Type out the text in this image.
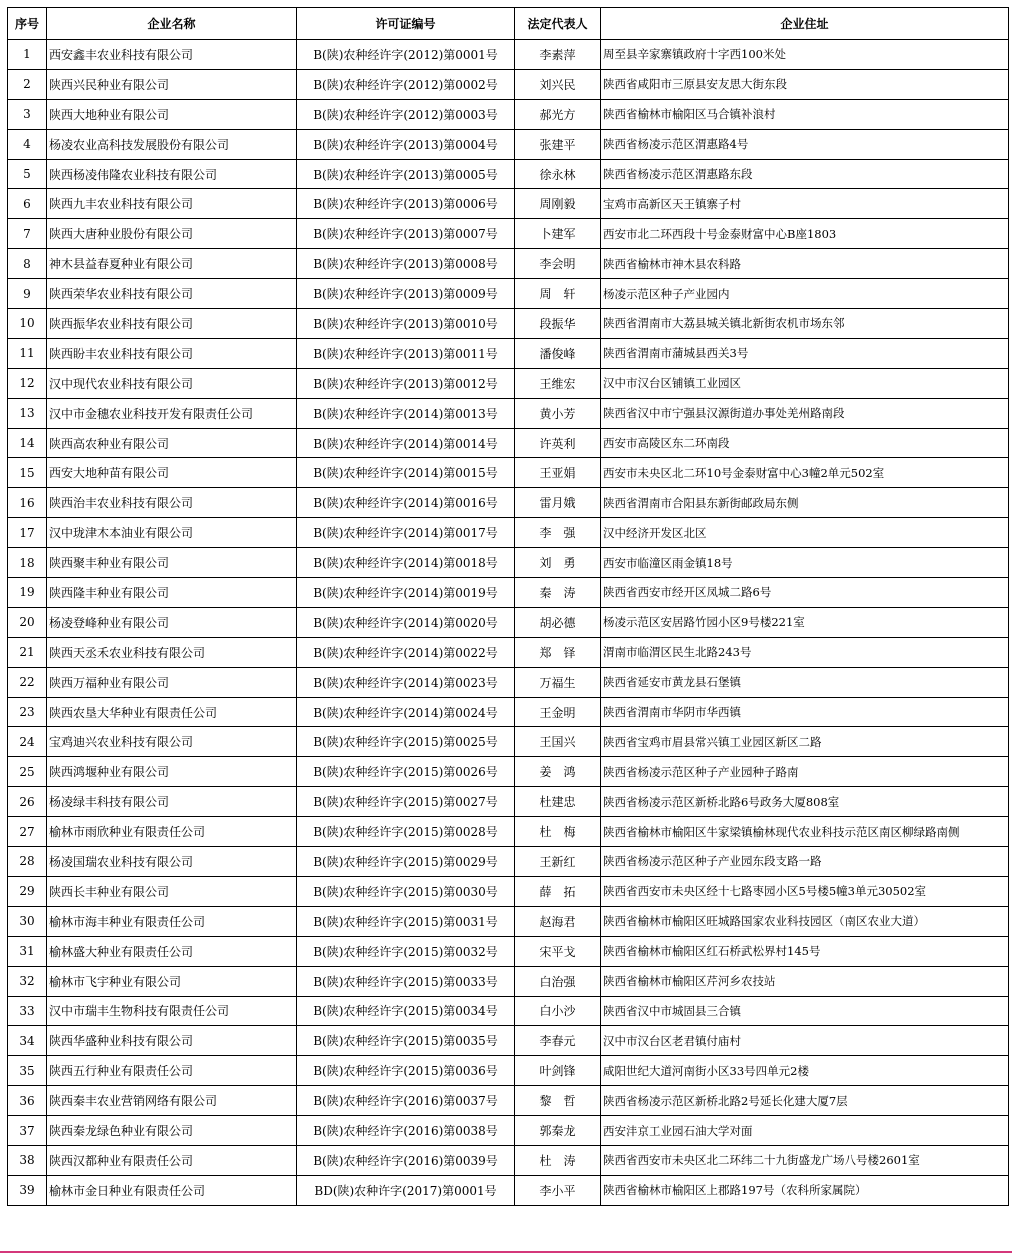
序号	企业名称	许可证编号	法定代表人	企业住址
1	西安鑫丰农业科技有限公司	B(陕)农种经许字(2012)第0001号	李素萍	周至县辛家寨镇政府十字西100米处
2	陕西兴民种业有限公司	B(陕)农种经许字(2012)第0002号	刘兴民	陕西省咸阳市三原县安友思大街东段
3	陕西大地种业有限公司	B(陕)农种经许字(2012)第0003号	郝光方	陕西省榆林市榆阳区马合镇补浪村
4	杨凌农业高科技发展股份有限公司	B(陕)农种经许字(2013)第0004号	张建平	陕西省杨凌示范区渭惠路4号
5	陕西杨凌伟隆农业科技有限公司	B(陕)农种经许字(2013)第0005号	徐永林	陕西省杨凌示范区渭惠路东段
6	陕西九丰农业科技有限公司	B(陕)农种经许字(2013)第0006号	周刚毅	宝鸡市高新区天王镇寨子村
7	陕西大唐种业股份有限公司	B(陕)农种经许字(2013)第0007号	卜建军	西安市北二环西段十号金泰财富中心B座1803
8	神木县益春夏种业有限公司	B(陕)农种经许字(2013)第0008号	李会明	陕西省榆林市神木县农科路
9	陕西荣华农业科技有限公司	B(陕)农种经许字(2013)第0009号	周　轩	杨凌示范区种子产业园内
10	陕西振华农业科技有限公司	B(陕)农种经许字(2013)第0010号	段振华	陕西省渭南市大荔县城关镇北新街农机市场东邻
11	陕西盼丰农业科技有限公司	B(陕)农种经许字(2013)第0011号	潘俊峰	陕西省渭南市蒲城县西关3号
12	汉中现代农业科技有限公司	B(陕)农种经许字(2013)第0012号	王维宏	汉中市汉台区铺镇工业园区
13	汉中市金穗农业科技开发有限责任公司	B(陕)农种经许字(2014)第0013号	黄小芳	陕西省汉中市宁强县汉源街道办事处羌州路南段
14	陕西高农种业有限公司	B(陕)农种经许字(2014)第0014号	许英利	西安市高陵区东二环南段
15	西安大地种苗有限公司	B(陕)农种经许字(2014)第0015号	王亚娟	西安市未央区北二环10号金泰财富中心3幢2单元502室
16	陕西治丰农业科技有限公司	B(陕)农种经许字(2014)第0016号	雷月娥	陕西省渭南市合阳县东新街邮政局东侧
17	汉中珑津木本油业有限公司	B(陕)农种经许字(2014)第0017号	李　强	汉中经济开发区北区
18	陕西聚丰种业有限公司	B(陕)农种经许字(2014)第0018号	刘　勇	西安市临潼区雨金镇18号
19	陕西隆丰种业有限公司	B(陕)农种经许字(2014)第0019号	秦　涛	陕西省西安市经开区凤城二路6号
20	杨凌登峰种业有限公司	B(陕)农种经许字(2014)第0020号	胡必德	杨凌示范区安居路竹园小区9号楼221室
21	陕西天丞禾农业科技有限公司	B(陕)农种经许字(2014)第0022号	郑　铎	渭南市临渭区民生北路243号
22	陕西万福种业有限公司	B(陕)农种经许字(2014)第0023号	万福生	陕西省延安市黄龙县石堡镇
23	陕西农垦大华种业有限责任公司	B(陕)农种经许字(2014)第0024号	王金明	陕西省渭南市华阴市华西镇
24	宝鸡迪兴农业科技有限公司	B(陕)农种经许字(2015)第0025号	王国兴	陕西省宝鸡市眉县常兴镇工业园区新区二路
25	陕西鸿堰种业有限公司	B(陕)农种经许字(2015)第0026号	姜　鸿	陕西省杨凌示范区种子产业园种子路南
26	杨凌绿丰科技有限公司	B(陕)农种经许字(2015)第0027号	杜建忠	陕西省杨凌示范区新桥北路6号政务大厦808室
27	榆林市雨欣种业有限责任公司	B(陕)农种经许字(2015)第0028号	杜　梅	陕西省榆林市榆阳区牛家梁镇榆林现代农业科技示范区南区柳绿路南侧
28	杨凌国瑞农业科技有限公司	B(陕)农种经许字(2015)第0029号	王新红	陕西省杨凌示范区种子产业园东段支路一路
29	陕西长丰种业有限公司	B(陕)农种经许字(2015)第0030号	薛　拓	陕西省西安市未央区经十七路枣园小区5号楼5幢3单元30502室
30	榆林市海丰种业有限责任公司	B(陕)农种经许字(2015)第0031号	赵海君	陕西省榆林市榆阳区旺城路国家农业科技园区（南区农业大道）
31	榆林盛大种业有限责任公司	B(陕)农种经许字(2015)第0032号	宋平戈	陕西省榆林市榆阳区红石桥武松界村145号
32	榆林市飞宇种业有限公司	B(陕)农种经许字(2015)第0033号	白治强	陕西省榆林市榆阳区芹河乡农技站
33	汉中市瑞丰生物科技有限责任公司	B(陕)农种经许字(2015)第0034号	白小沙	陕西省汉中市城固县三合镇
34	陕西华盛种业科技有限公司	B(陕)农种经许字(2015)第0035号	李春元	汉中市汉台区老君镇付庙村
35	陕西五行种业有限责任公司	B(陕)农种经许字(2015)第0036号	叶剑锋	咸阳世纪大道河南街小区33号四单元2楼
36	陕西秦丰农业营销网络有限公司	B(陕)农种经许字(2016)第0037号	黎　哲	陕西省杨凌示范区新桥北路2号延长化建大厦7层
37	陕西秦龙绿色种业有限公司	B(陕)农种经许字(2016)第0038号	郭秦龙	西安沣京工业园石油大学对面
38	陕西汉都种业有限责任公司	B(陕)农种经许字(2016)第0039号	杜　涛	陕西省西安市未央区北二环纬二十九街盛龙广场八号楼2601室
39	榆林市金日种业有限责任公司	BD(陕)农种许字(2017)第0001号	李小平	陕西省榆林市榆阳区上郡路197号（农科所家属院）
